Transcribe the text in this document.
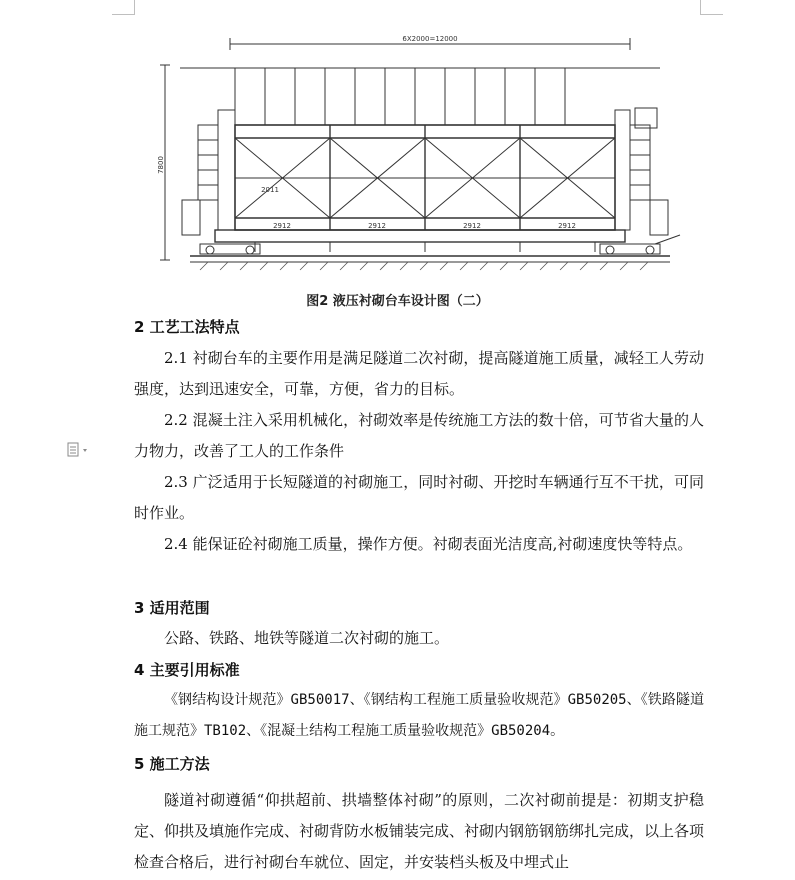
6X2000=12000
7800
2011
2912	2912	2912	2912
图2 液压衬砌台车设计图（二）
2 工艺工法特点
2.1 衬砌台车的主要作用是满足隧道二次衬砌，提高隧道施工质量，减轻工人劳动强度，达到迅速安全，可靠，方便，省力的目标。
2.2 混凝土注入采用机械化，衬砌效率是传统施工方法的数十倍，可节省大量的人力物力，改善了工人的工作条件
2.3 广泛适用于长短隧道的衬砌施工，同时衬砌、开挖时车辆通行互不干扰，可同时作业。
2.4 能保证砼衬砌施工质量，操作方便。衬砌表面光洁度高,衬砌速度快等特点。
3 适用范围
公路、铁路、地铁等隧道二次衬砌的施工。
4 主要引用标准
《钢结构设计规范》GB50017、《钢结构工程施工质量验收规范》GB50205、《铁路隧道施工规范》TB102、《混凝土结构工程施工质量验收规范》GB50204。
5 施工方法
隧道衬砌遵循“仰拱超前、拱墙整体衬砌”的原则，二次衬砌前提是：初期支护稳定、仰拱及填施作完成、衬砌背防水板铺装完成、衬砌内钢筋钢筋绑扎完成，以上各项检查合格后，进行衬砌台车就位、固定，并安装档头板及中埋式止
